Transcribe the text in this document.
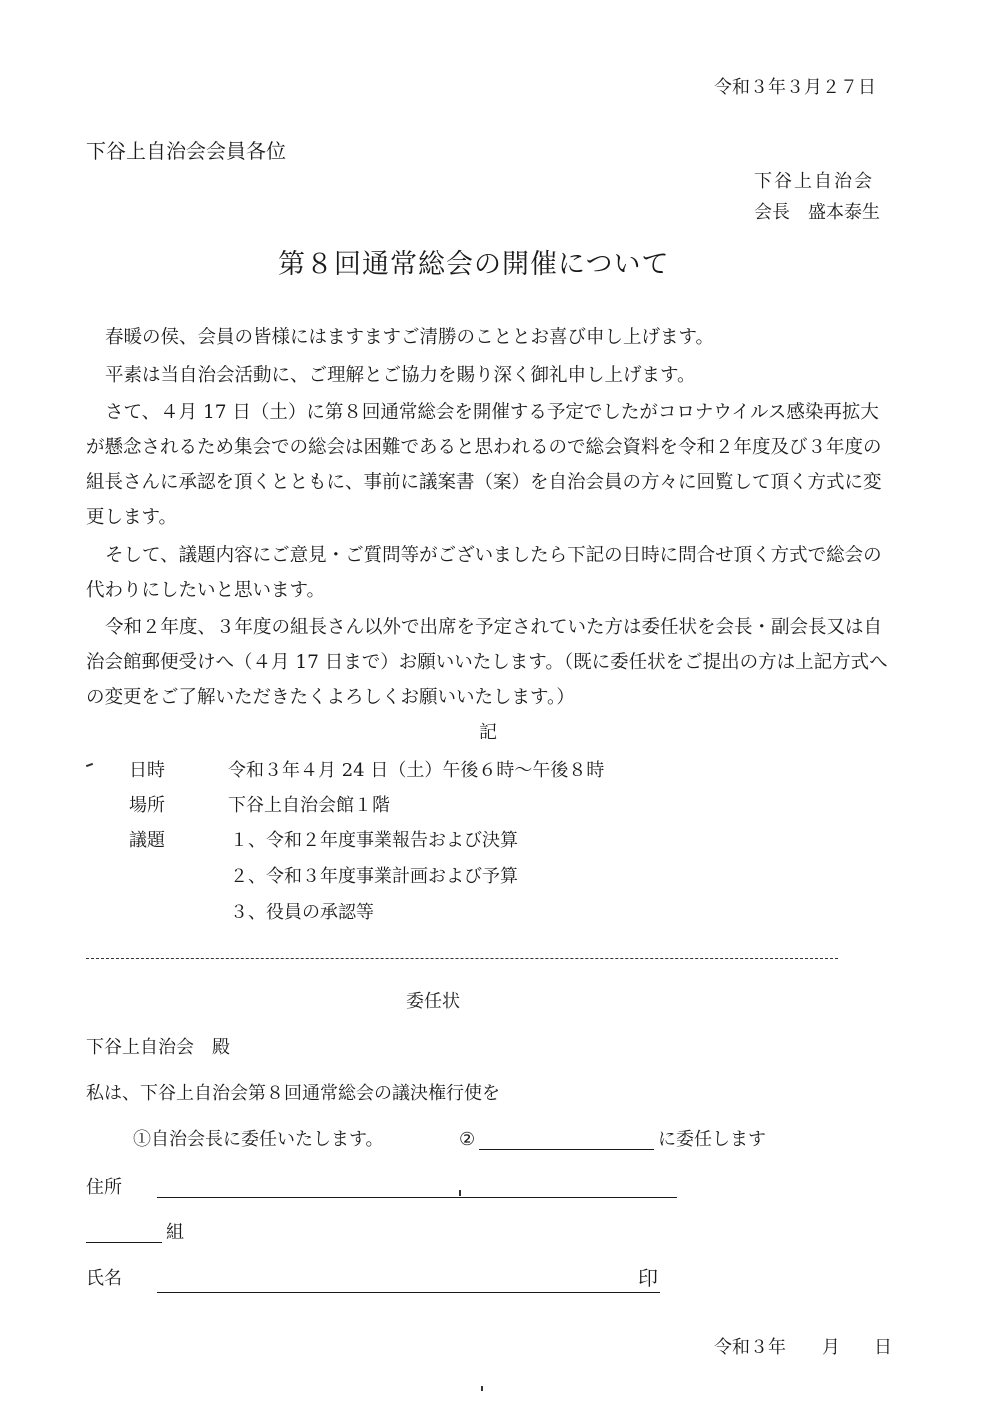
令和３年３月２７日
下谷上自治会会員各位
下谷上自治会
会長　盛本泰生
第８回通常総会の開催について
春暖の侯、会員の皆様にはますますご清勝のこととお喜び申し上げます。
平素は当自治会活動に、ご理解とご協力を賜り深く御礼申し上げます。
さて、４月 17 日（土）に第８回通常総会を開催する予定でしたがコロナウイルス感染再拡大が懸念されるため集会での総会は困難であると思われるので総会資料を令和２年度及び３年度の組長さんに承認を頂くとともに、事前に議案書（案）を自治会員の方々に回覧して頂く方式に変更します。
そして、議題内容にご意見・ご質問等がございましたら下記の日時に問合せ頂く方式で総会の代わりにしたいと思います。
令和２年度、３年度の組長さん以外で出席を予定されていた方は委任状を会長・副会長又は自治会館郵便受けへ（４月 17 日まで）お願いいたします。（既に委任状をご提出の方は上記方式への変更をご了解いただきたくよろしくお願いいたします。）
記
日時	令和３年４月 24 日（土）午後６時～午後８時
場所	下谷上自治会館１階
議題	１、令和２年度事業報告および決算
２、令和３年度事業計画および予算
３、役員の承認等
委任状
下谷上自治会　殿
私は、下谷上自治会第８回通常総会の議決権行使を
①自治会長に委任いたします。	②	に委任します
住所
組
氏名	印
令和３年 月 日
